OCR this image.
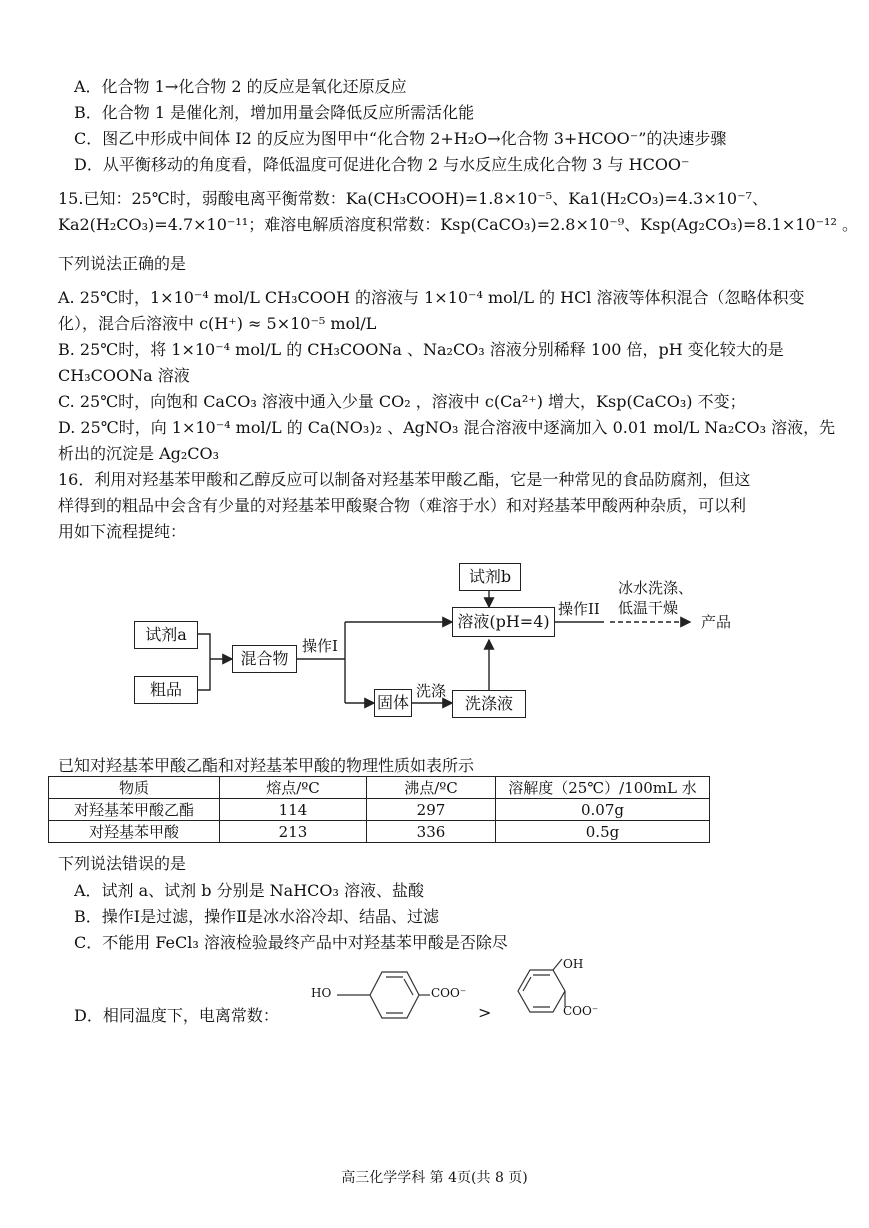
A．化合物 1→化合物 2 的反应是氧化还原反应
B．化合物 1 是催化剂，增加用量会降低反应所需活化能
C．图乙中形成中间体 I2 的反应为图甲中“化合物 2+H₂O→化合物 3+HCOO⁻”的决速步骤
D．从平衡移动的角度看，降低温度可促进化合物 2 与水反应生成化合物 3 与 HCOO⁻
15.已知：25℃时，弱酸电离平衡常数：Ka(CH₃COOH)=1.8×10⁻⁵、Ka1(H₂CO₃)=4.3×10⁻⁷、
Ka2(H₂CO₃)=4.7×10⁻¹¹；难溶电解质溶度积常数：Ksp(CaCO₃)=2.8×10⁻⁹、Ksp(Ag₂CO₃)=8.1×10⁻¹² 。
下列说法正确的是
A. 25℃时，1×10⁻⁴ mol/L CH₃COOH 的溶液与 1×10⁻⁴ mol/L 的 HCl 溶液等体积混合（忽略体积变
化），混合后溶液中 c(H⁺) ≈ 5×10⁻⁵ mol/L
B. 25℃时，将 1×10⁻⁴ mol/L 的 CH₃COONa 、Na₂CO₃ 溶液分别稀释 100 倍，pH 变化较大的是
CH₃COONa 溶液
C. 25℃时，向饱和 CaCO₃ 溶液中通入少量 CO₂ ，溶液中 c(Ca²⁺) 增大，Ksp(CaCO₃) 不变；
D. 25℃时，向 1×10⁻⁴ mol/L 的 Ca(NO₃)₂ 、AgNO₃ 混合溶液中逐滴加入 0.01 mol/L Na₂CO₃ 溶液，先
析出的沉淀是 Ag₂CO₃
16．利用对羟基苯甲酸和乙醇反应可以制备对羟基苯甲酸乙酯，它是一种常见的食品防腐剂，但这
样得到的粗品中会含有少量的对羟基苯甲酸聚合物（难溶于水）和对羟基苯甲酸两种杂质，可以利
用如下流程提纯：
试剂a
粗品
混合物
操作I
固体
洗涤
洗涤液
试剂b
溶液(pH=4)
操作II
冰水洗涤、
低温干燥
产品
已知对羟基苯甲酸乙酯和对羟基苯甲酸的物理性质如表所示
物质	熔点/ºC	沸点/ºC	溶解度（25℃）/100mL 水
对羟基苯甲酸乙酯	114	297	0.07g
对羟基苯甲酸	213	336	0.5g
下列说法错误的是
A．试剂 a、试剂 b 分别是 NaHCO₃ 溶液、盐酸
B．操作Ⅰ是过滤，操作Ⅱ是冰水浴冷却、结晶、过滤
C．不能用 FeCl₃ 溶液检验最终产品中对羟基苯甲酸是否除尽
D．相同温度下，电离常数：
HO	COO⁻
>
OH
COO⁻
高三化学学科 第 4页(共 8 页)
